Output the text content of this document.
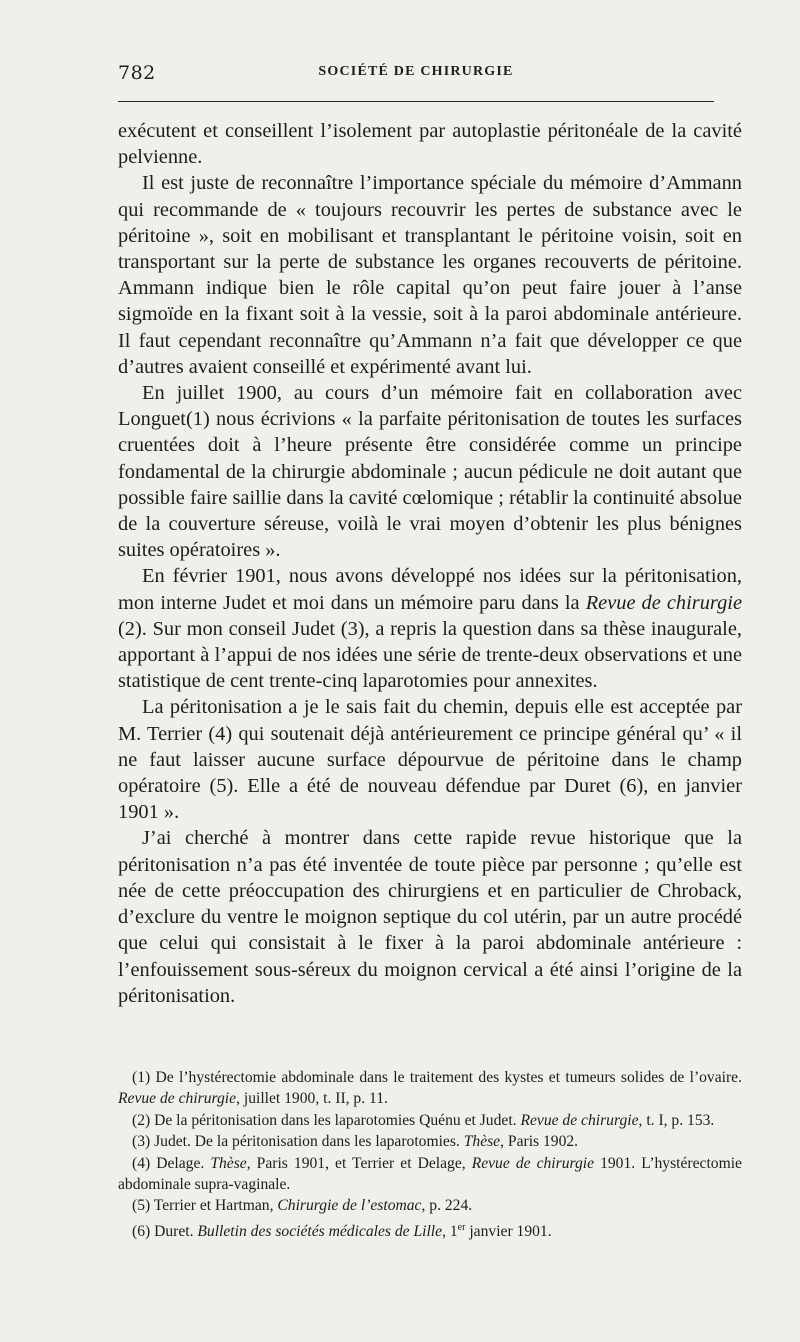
782	SOCIÉTÉ DE CHIRURGIE

exécutent et conseillent l’isolement par autoplastie péritonéale de la cavité pelvienne.

Il est juste de reconnaître l’importance spéciale du mémoire d’Ammann qui recommande de « toujours recouvrir les pertes de substance avec le péritoine », soit en mobilisant et transplantant le péritoine voisin, soit en transportant sur la perte de substance les organes recouverts de péritoine. Ammann indique bien le rôle capital qu’on peut faire jouer à l’anse sigmoïde en la fixant soit à la vessie, soit à la paroi abdominale antérieure. Il faut cependant reconnaître qu’Ammann n’a fait que développer ce que d’autres avaient conseillé et expérimenté avant lui.

En juillet 1900, au cours d’un mémoire fait en collaboration avec Longuet(1) nous écrivions « la parfaite péritonisation de toutes les surfaces cruentées doit à l’heure présente être considérée comme un principe fondamental de la chirurgie abdominale ; aucun pédicule ne doit autant que possible faire saillie dans la cavité cœlomique ; rétablir la continuité absolue de la couverture séreuse, voilà le vrai moyen d’obtenir les plus bénignes suites opératoires ».

En février 1901, nous avons développé nos idées sur la péritonisation, mon interne Judet et moi dans un mémoire paru dans la Revue de chirurgie (2). Sur mon conseil Judet (3), a repris la question dans sa thèse inaugurale, apportant à l’appui de nos idées une série de trente-deux observations et une statistique de cent trente-cinq laparotomies pour annexites.

La péritonisation a je le sais fait du chemin, depuis elle est acceptée par M. Terrier (4) qui soutenait déjà antérieurement ce principe général qu’ « il ne faut laisser aucune surface dépourvue de péritoine dans le champ opératoire (5). Elle a été de nouveau défendue par Duret (6), en janvier 1901 ».

J’ai cherché à montrer dans cette rapide revue historique que la péritonisation n’a pas été inventée de toute pièce par personne ; qu’elle est née de cette préoccupation des chirurgiens et en particulier de Chroback, d’exclure du ventre le moignon septique du col utérin, par un autre procédé que celui qui consistait à le fixer à la paroi abdominale antérieure : l’enfouissement sous-séreux du moignon cervical a été ainsi l’origine de la péritonisation.

(1) De l’hystérectomie abdominale dans le traitement des kystes et tumeurs solides de l’ovaire. Revue de chirurgie, juillet 1900, t. II, p. 11.

(2) De la péritonisation dans les laparotomies Quénu et Judet. Revue de chirurgie, t. I, p. 153.

(3) Judet. De la péritonisation dans les laparotomies. Thèse, Paris 1902.

(4) Delage. Thèse, Paris 1901, et Terrier et Delage, Revue de chirurgie 1901. L’hystérectomie abdominale supra-vaginale.

(5) Terrier et Hartman, Chirurgie de l’estomac, p. 224.

(6) Duret. Bulletin des sociétés médicales de Lille, 1er janvier 1901.
